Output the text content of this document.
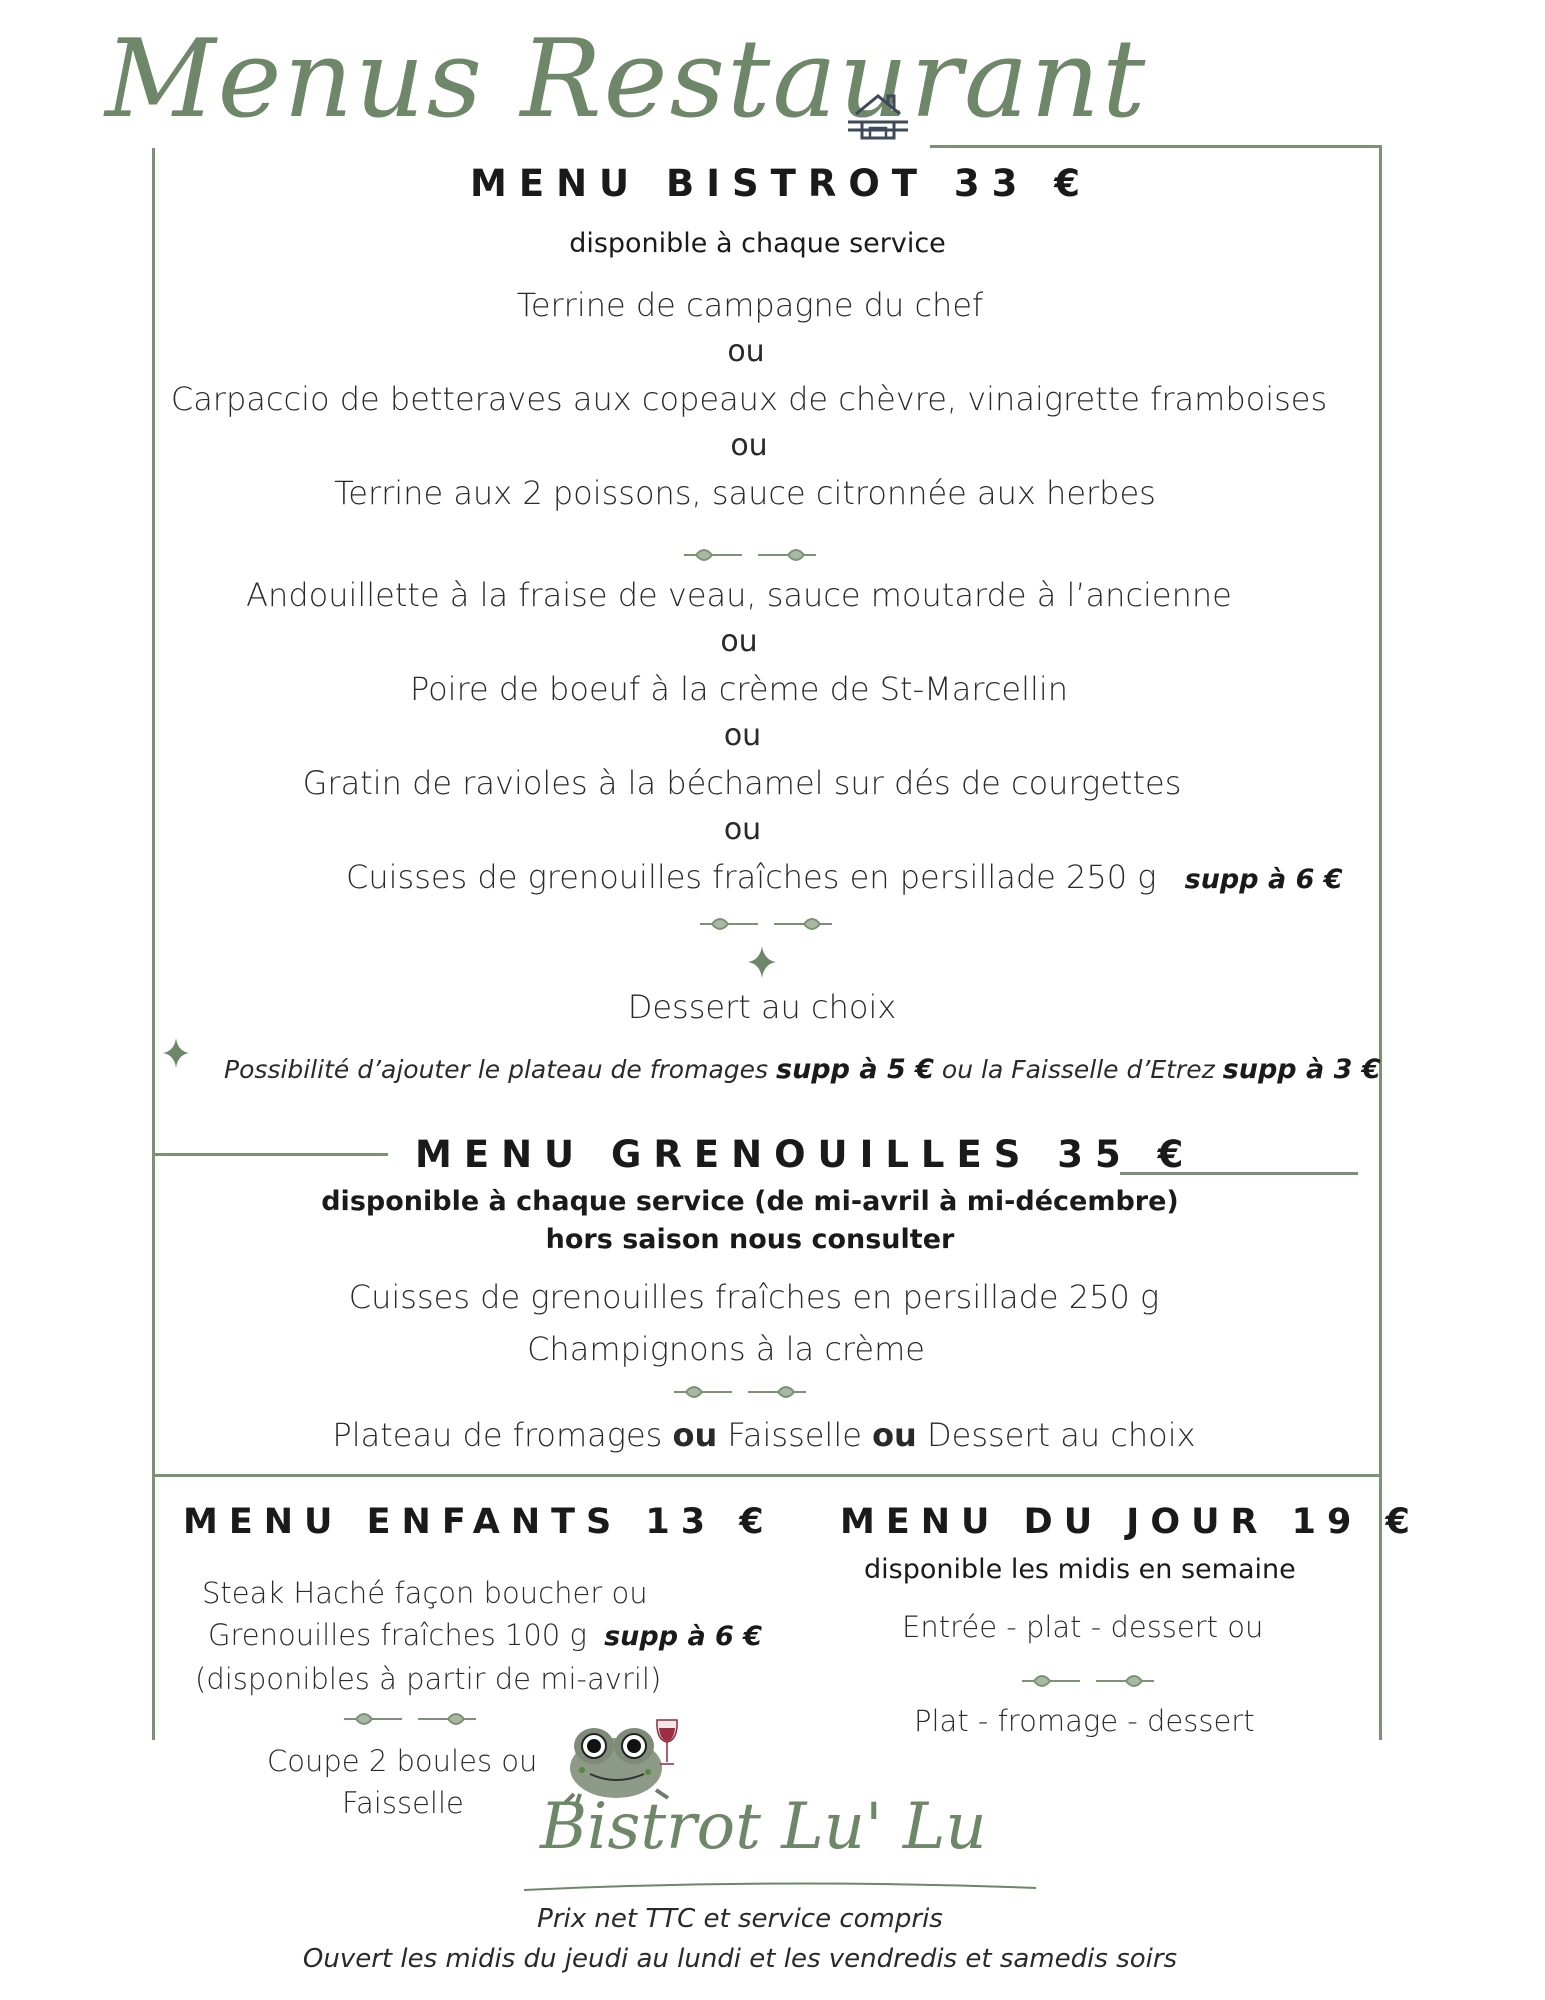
Menus Restaurant
MENU BISTROT 33 €
disponible à chaque service
Terrine de campagne du chef
ou
Carpaccio de betteraves aux copeaux de chèvre, vinaigrette framboises
ou
Terrine aux 2 poissons, sauce citronnée aux herbes
Andouillette à la fraise de veau, sauce moutarde à l’ancienne
ou
Poire de boeuf à la crème de St-Marcellin
ou
Gratin de ravioles à la béchamel sur dés de courgettes
ou
Cuisses de grenouilles fraîches en persillade 250 g supp à 6 €
Dessert au choix
Possibilité d’ajouter le plateau de fromages supp à 5 € ou la Faisselle d’Etrez supp à 3 €
MENU GRENOUILLES 35 €
disponible à chaque service (de mi-avril à mi-décembre)
hors saison nous consulter
Cuisses de grenouilles fraîches en persillade 250 g
Champignons à la crème
Plateau de fromages ou Faisselle ou Dessert au choix
MENU ENFANTS 13 €
Steak Haché façon boucher ou
Grenouilles fraîches 100 g supp à 6 €
(disponibles à partir de mi-avril)
Coupe 2 boules ou
Faisselle
MENU DU JOUR 19 €
disponible les midis en semaine
Entrée - plat - dessert ou
Plat - fromage - dessert
Bistrot Lu' Lu
Prix net TTC et service compris
Ouvert les midis du jeudi au lundi et les vendredis et samedis soirs
